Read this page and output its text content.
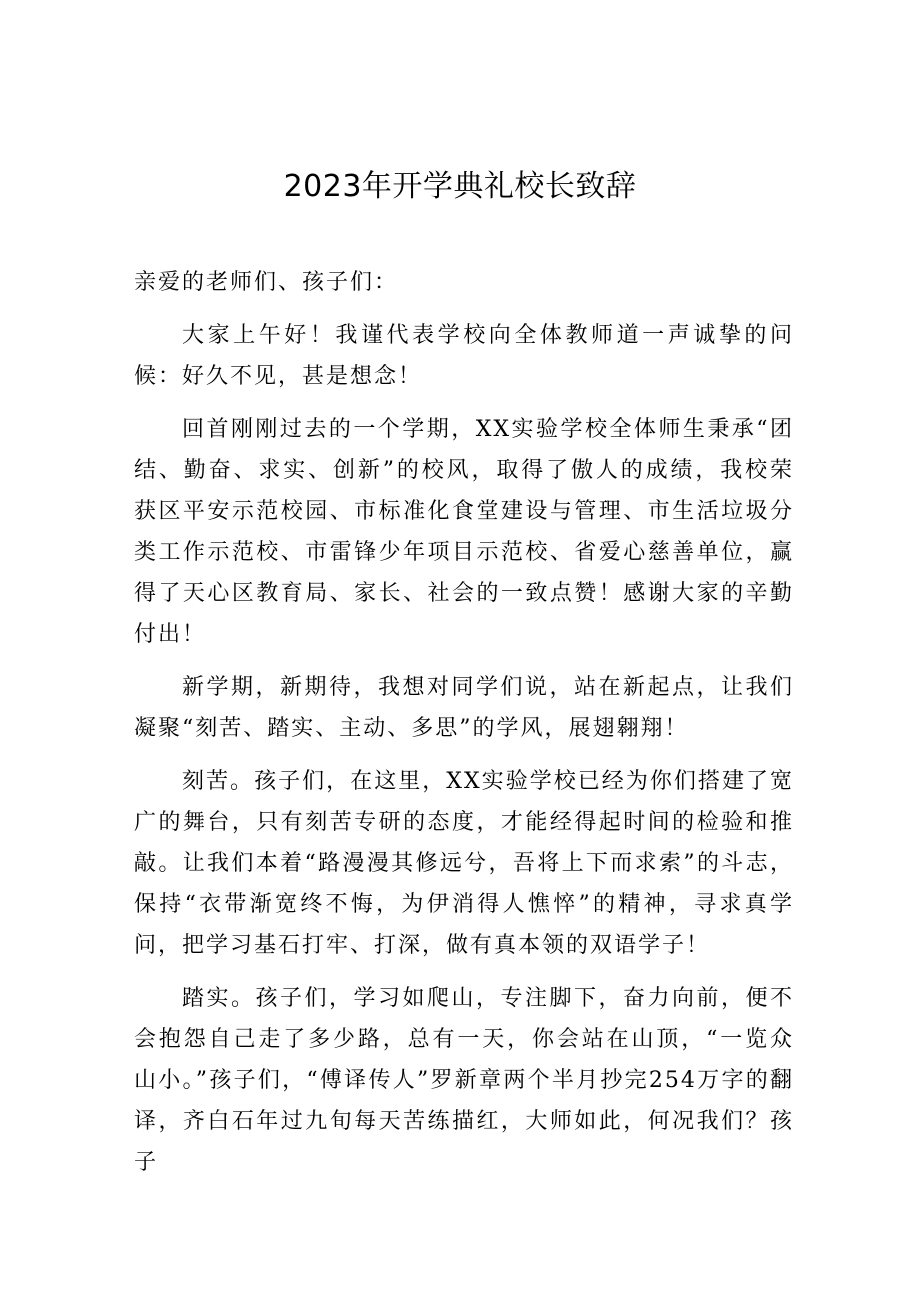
2023年开学典礼校长致辞

亲爱的老师们、孩子们：

大家上午好！我谨代表学校向全体教师道一声诚挚的问候：好久不见，甚是想念！

回首刚刚过去的一个学期，XX实验学校全体师生秉承“团结、勤奋、求实、创新”的校风，取得了傲人的成绩，我校荣获区平安示范校园、市标准化食堂建设与管理、市生活垃圾分类工作示范校、市雷锋少年项目示范校、省爱心慈善单位，赢得了天心区教育局、家长、社会的一致点赞！感谢大家的辛勤付出！

新学期，新期待，我想对同学们说，站在新起点，让我们凝聚“刻苦、踏实、主动、多思”的学风，展翅翱翔！

刻苦。孩子们，在这里，XX实验学校已经为你们搭建了宽广的舞台，只有刻苦专研的态度，才能经得起时间的检验和推敲。让我们本着“路漫漫其修远兮，吾将上下而求索”的斗志，保持“衣带渐宽终不悔，为伊消得人憔悴”的精神，寻求真学问，把学习基石打牢、打深，做有真本领的双语学子！

踏实。孩子们，学习如爬山，专注脚下，奋力向前，便不会抱怨自己走了多少路，总有一天，你会站在山顶，“一览众山小。”孩子们，“傅译传人”罗新章两个半月抄完254万字的翻译，齐白石年过九旬每天苦练描红，大师如此，何况我们？孩子
